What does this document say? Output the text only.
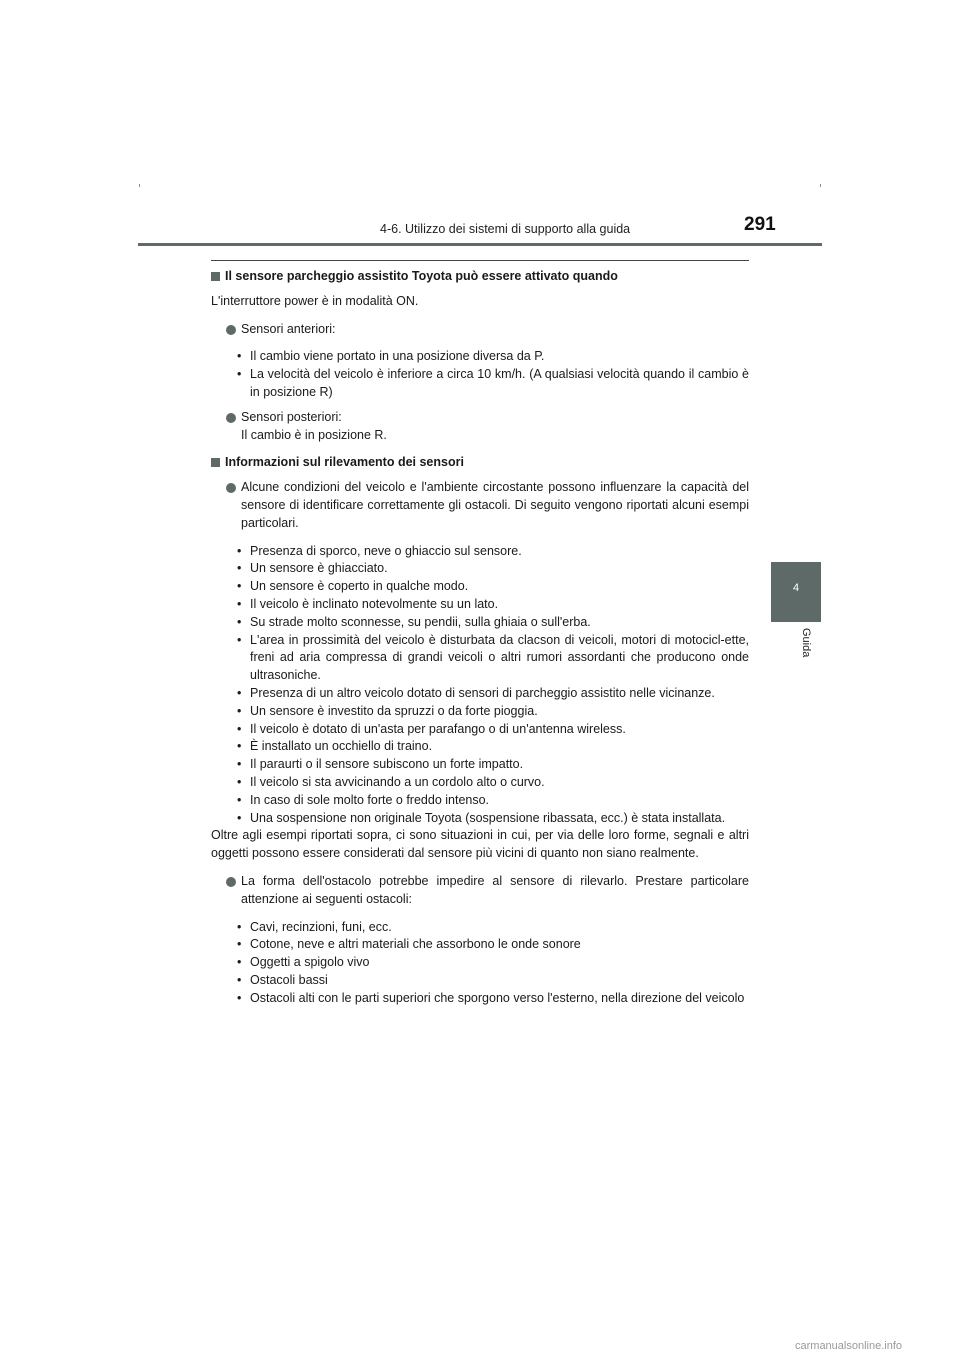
4-6. Utilizzo dei sistemi di supporto alla guida	291
4
Guida

Il sensore parcheggio assistito Toyota può essere attivato quando

L'interruttore power è in modalità ON.

Sensori anteriori:

• Il cambio viene portato in una posizione diversa da P.
• La velocità del veicolo è inferiore a circa 10 km/h. (A qualsiasi velocità quando il cambio è in posizione R)

Sensori posteriori:

Il cambio è in posizione R.

Informazioni sul rilevamento dei sensori

Alcune condizioni del veicolo e l'ambiente circostante possono influenzare la capacità del sensore di identificare correttamente gli ostacoli. Di seguito vengono riportati alcuni esempi particolari.

• Presenza di sporco, neve o ghiaccio sul sensore.
• Un sensore è ghiacciato.
• Un sensore è coperto in qualche modo.
• Il veicolo è inclinato notevolmente su un lato.
• Su strade molto sconnesse, su pendii, sulla ghiaia o sull'erba.
• L'area in prossimità del veicolo è disturbata da clacson di veicoli, motori di motocicl-ette, freni ad aria compressa di grandi veicoli o altri rumori assordanti che producono onde ultrasoniche.
• Presenza di un altro veicolo dotato di sensori di parcheggio assistito nelle vicinanze.
• Un sensore è investito da spruzzi o da forte pioggia.
• Il veicolo è dotato di un'asta per parafango o di un'antenna wireless.
• È installato un occhiello di traino.
• Il paraurti o il sensore subiscono un forte impatto.
• Il veicolo si sta avvicinando a un cordolo alto o curvo.
• In caso di sole molto forte o freddo intenso.
• Una sospensione non originale Toyota (sospensione ribassata, ecc.) è stata installata.

Oltre agli esempi riportati sopra, ci sono situazioni in cui, per via delle loro forme, segnali e altri oggetti possono essere considerati dal sensore più vicini di quanto non siano realmente.

La forma dell'ostacolo potrebbe impedire al sensore di rilevarlo. Prestare particolare attenzione ai seguenti ostacoli:

• Cavi, recinzioni, funi, ecc.
• Cotone, neve e altri materiali che assorbono le onde sonore
• Oggetti a spigolo vivo
• Ostacoli bassi
• Ostacoli alti con le parti superiori che sporgono verso l'esterno, nella direzione del veicolo
carmanualsonline.info
